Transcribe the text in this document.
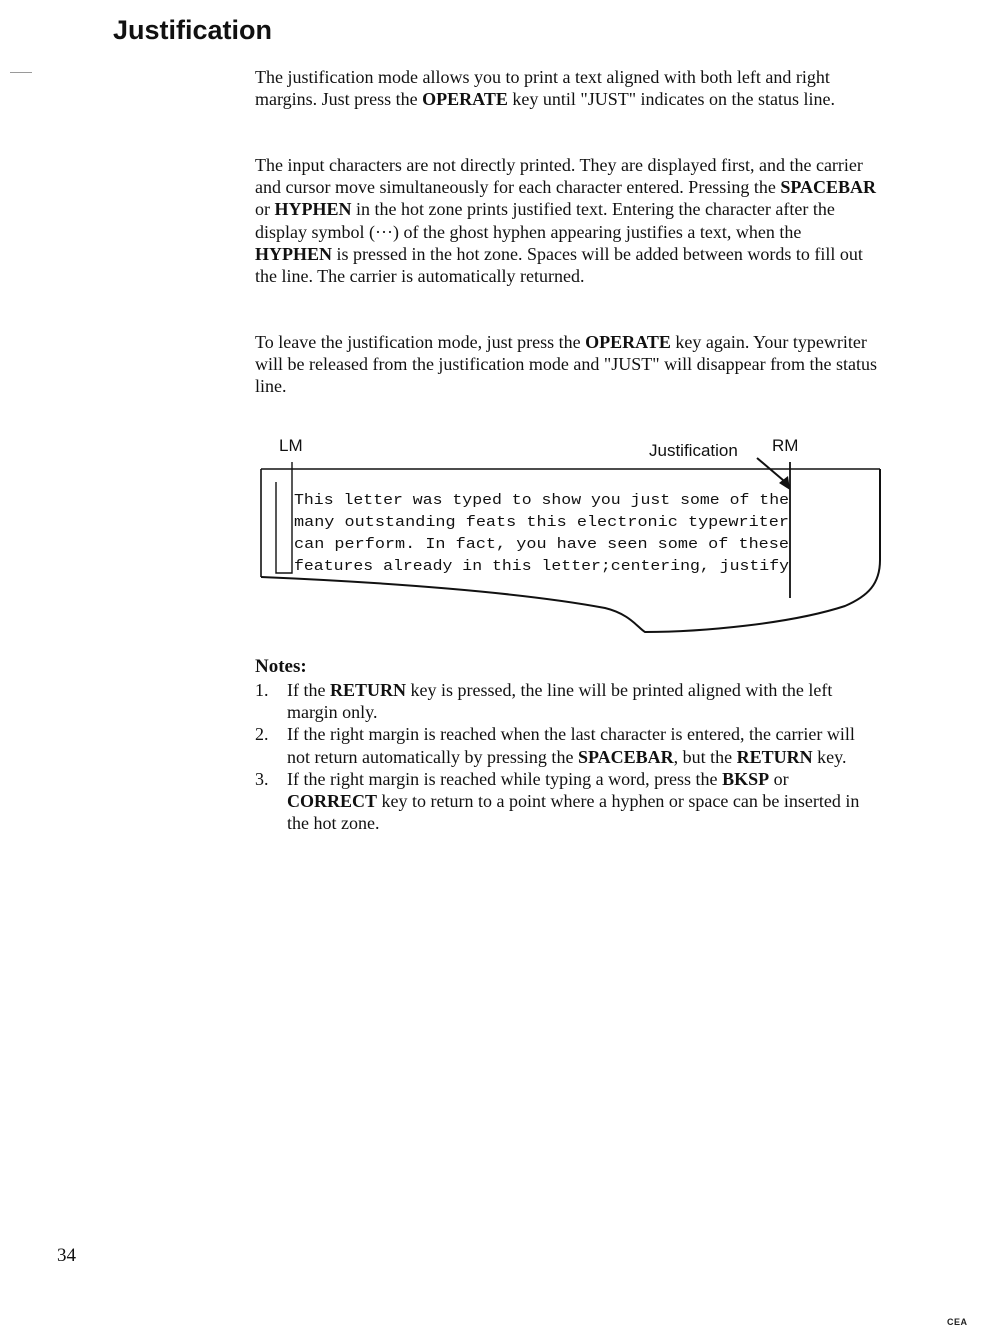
Justification

The justification mode allows you to print a text aligned with both left and right margins. Just press the OPERATE key until "JUST" indicates on the status line.

The input characters are not directly printed. They are displayed first, and the carrier and cursor move simultaneously for each character entered. Pressing the SPACEBAR or HYPHEN in the hot zone prints justified text. Entering the character after the display symbol (···) of the ghost hyphen appearing justifies a text, when the HYPHEN is pressed in the hot zone. Spaces will be added between words to fill out the line. The carrier is automatically returned.

To leave the justification mode, just press the OPERATE key again. Your typewriter will be released from the justification mode and "JUST" will disappear from the status line.

LM	Justification RM
This letter was typed to show you just some of the
many outstanding feats this electronic typewriter
can perform. In fact, you have seen some of these
features already in this letter;centering, justify
Notes:
1. If the RETURN key is pressed, the line will be printed aligned with the left margin only.
2. If the right margin is reached when the last character is entered, the carrier will not return automatically by pressing the SPACEBAR, but the RETURN key.
3. If the right margin is reached while typing a word, press the BKSP or CORRECT key to return to a point where a hyphen or space can be inserted in the hot zone.
34
CEA
